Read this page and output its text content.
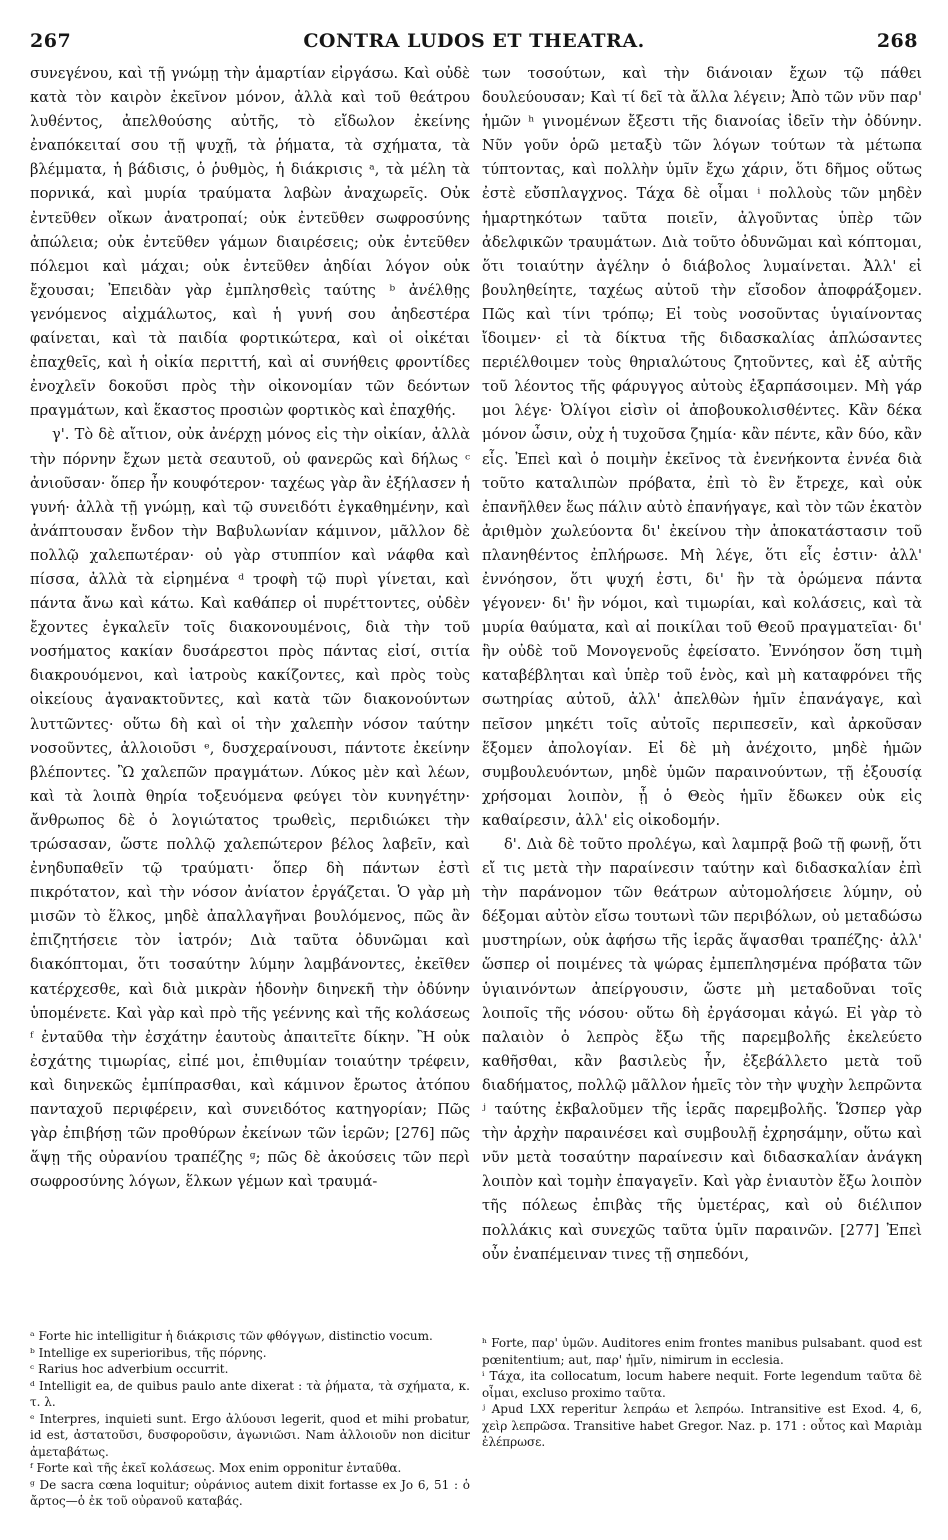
267	CONTRA LUDOS ET THEATRA.	268

συνεγένου, καὶ τῇ γνώμῃ τὴν ἁμαρτίαν εἰργάσω. Καὶ οὐδὲ κατὰ τὸν καιρὸν ἐκεῖνον μόνον, ἀλλὰ καὶ τοῦ θεάτρου λυθέντος, ἀπελθούσης αὐτῆς, τὸ εἴδωλον ἐκείνης ἐναπόκειταί σου τῇ ψυχῇ, τὰ ῥήματα, τὰ σχήματα, τὰ βλέμματα, ἡ βάδισις, ὁ ῥυθμὸς, ἡ διάκρισις ᵃ, τὰ μέλη τὰ πορνικά, καὶ μυρία τραύματα λαβὼν ἀναχωρεῖς. Οὐκ ἐντεῦθεν οἴκων ἀνατροπαί; οὐκ ἐντεῦθεν σωφροσύνης ἀπώλεια; οὐκ ἐντεῦθεν γάμων διαιρέσεις; οὐκ ἐντεῦθεν πόλεμοι καὶ μάχαι; οὐκ ἐντεῦθεν ἀηδίαι λόγον οὐκ ἔχουσαι; Ἐπειδὰν γὰρ ἐμπλησθεὶς ταύτης ᵇ ἀνέλθῃς γενόμενος αἰχμάλωτος, καὶ ἡ γυνή σου ἀηδεστέρα φαίνεται, καὶ τὰ παιδία φορτικώτερα, καὶ οἱ οἰκέται ἐπαχθεῖς, καὶ ἡ οἰκία περιττή, καὶ αἱ συνήθεις φροντίδες ἐνοχλεῖν δοκοῦσι πρὸς τὴν οἰκονομίαν τῶν δεόντων πραγμάτων, καὶ ἕκαστος προσιὼν φορτικὸς καὶ ἐπαχθής.

γ'. Τὸ δὲ αἴτιον, οὐκ ἀνέρχῃ μόνος εἰς τὴν οἰκίαν, ἀλλὰ τὴν πόρνην ἔχων μετὰ σεαυτοῦ, οὐ φανερῶς καὶ δήλως ᶜ ἀνιοῦσαν· ὅπερ ἦν κουφότερον· ταχέως γὰρ ἂν ἐξήλασεν ἡ γυνή· ἀλλὰ τῇ γνώμῃ, καὶ τῷ συνειδότι ἐγκαθημένην, καὶ ἀνάπτουσαν ἔνδον τὴν Βαβυλωνίαν κάμινον, μᾶλλον δὲ πολλῷ χαλεπωτέραν· οὐ γὰρ στυππίον καὶ νάφθα καὶ πίσσα, ἀλλὰ τὰ εἰρημένα ᵈ τροφὴ τῷ πυρὶ γίνεται, καὶ πάντα ἄνω καὶ κάτω. Καὶ καθάπερ οἱ πυρέττοντες, οὐδὲν ἔχοντες ἐγκαλεῖν τοῖς διακονουμένοις, διὰ τὴν τοῦ νοσήματος κακίαν δυσάρεστοι πρὸς πάντας εἰσί, σιτία διακρουόμενοι, καὶ ἰατροὺς κακίζοντες, καὶ πρὸς τοὺς οἰκείους ἀγανακτοῦντες, καὶ κατὰ τῶν διακονούντων λυττῶντες· οὕτω δὴ καὶ οἱ τὴν χαλεπὴν νόσον ταύτην νοσοῦντες, ἀλλοιοῦσι ᵉ, δυσχεραίνουσι, πάντοτε ἐκείνην βλέποντες. Ὢ χαλεπῶν πραγμάτων. Λύκος μὲν καὶ λέων, καὶ τὰ λοιπὰ θηρία τοξευόμενα φεύγει τὸν κυνηγέτην· ἄνθρωπος δὲ ὁ λογιώτατος τρωθεὶς, περιδιώκει τὴν τρώσασαν, ὥστε πολλῷ χαλεπώτερον βέλος λαβεῖν, καὶ ἐνηδυπαθεῖν τῷ τραύματι· ὅπερ δὴ πάντων ἐστὶ πικρότατον, καὶ τὴν νόσον ἀνίατον ἐργάζεται. Ὁ γὰρ μὴ μισῶν τὸ ἕλκος, μηδὲ ἀπαλλαγῆναι βουλόμενος, πῶς ἂν ἐπιζητήσειε τὸν ἰατρόν; Διὰ ταῦτα ὀδυνῶμαι καὶ διακόπτομαι, ὅτι τοσαύτην λύμην λαμβάνοντες, ἐκεῖθεν κατέρχεσθε, καὶ διὰ μικρὰν ἡδονὴν διηνεκῆ τὴν ὀδύνην ὑπομένετε. Καὶ γὰρ καὶ πρὸ τῆς γεέννης καὶ τῆς κολάσεως ᶠ ἐνταῦθα τὴν ἐσχάτην ἑαυτοὺς ἀπαιτεῖτε δίκην. Ἢ οὐκ ἐσχάτης τιμωρίας, εἰπέ μοι, ἐπιθυμίαν τοιαύτην τρέφειν, καὶ διηνεκῶς ἐμπίπρασθαι, καὶ κάμινον ἔρωτος ἀτόπου πανταχοῦ περιφέρειν, καὶ συνειδότος κατηγορίαν; Πῶς γὰρ ἐπιβήσῃ τῶν προθύρων ἐκείνων τῶν ἱερῶν; [276] πῶς ἅψῃ τῆς οὐρανίου τραπέζης ᵍ; πῶς δὲ ἀκούσεις τῶν περὶ σωφροσύνης λόγων, ἕλκων γέμων καὶ τραυμά-

των τοσούτων, καὶ τὴν διάνοιαν ἔχων τῷ πάθει δουλεύουσαν; Καὶ τί δεῖ τὰ ἄλλα λέγειν; Ἀπὸ τῶν νῦν παρ' ἡμῶν ʰ γινομένων ἔξεστι τῆς διανοίας ἰδεῖν τὴν ὀδύνην. Νῦν γοῦν ὁρῶ μεταξὺ τῶν λόγων τούτων τὰ μέτωπα τύπτοντας, καὶ πολλὴν ὑμῖν ἔχω χάριν, ὅτι δῆμος οὕτως ἐστὲ εὔσπλαγχνος. Τάχα δὲ οἶμαι ⁱ πολλοὺς τῶν μηδὲν ἡμαρτηκότων ταῦτα ποιεῖν, ἀλγοῦντας ὑπὲρ τῶν ἀδελφικῶν τραυμάτων. Διὰ τοῦτο ὀδυνῶμαι καὶ κόπτομαι, ὅτι τοιαύτην ἀγέλην ὁ διάβολος λυμαίνεται. Ἀλλ' εἰ βουληθείητε, ταχέως αὐτοῦ τὴν εἴσοδον ἀποφράξομεν. Πῶς καὶ τίνι τρόπῳ; Εἰ τοὺς νοσοῦντας ὑγιαίνοντας ἴδοιμεν· εἰ τὰ δίκτυα τῆς διδασκαλίας ἁπλώσαντες περιέλθοιμεν τοὺς θηριαλώτους ζητοῦντες, καὶ ἐξ αὐτῆς τοῦ λέοντος τῆς φάρυγγος αὐτοὺς ἐξαρπάσοιμεν. Μὴ γάρ μοι λέγε· Ὀλίγοι εἰσὶν οἱ ἀποβουκολισθέντες. Κἂν δέκα μόνον ὦσιν, οὐχ ἡ τυχοῦσα ζημία· κἂν πέντε, κἂν δύο, κἂν εἷς. Ἐπεὶ καὶ ὁ ποιμὴν ἐκεῖνος τὰ ἐνενήκοντα ἐννέα διὰ τοῦτο καταλιπὼν πρόβατα, ἐπὶ τὸ ἓν ἔτρεχε, καὶ οὐκ ἐπανῆλθεν ἕως πάλιν αὐτὸ ἐπανήγαγε, καὶ τὸν τῶν ἑκατὸν ἀριθμὸν χωλεύοντα δι' ἐκείνου τὴν ἀποκατάστασιν τοῦ πλανηθέντος ἐπλήρωσε. Μὴ λέγε, ὅτι εἷς ἐστιν· ἀλλ' ἐννόησον, ὅτι ψυχή ἐστι, δι' ἣν τὰ ὁρώμενα πάντα γέγονεν· δι' ἣν νόμοι, καὶ τιμωρίαι, καὶ κολάσεις, καὶ τὰ μυρία θαύματα, καὶ αἱ ποικίλαι τοῦ Θεοῦ πραγματεῖαι· δι' ἣν οὐδὲ τοῦ Μονογενοῦς ἐφείσατο. Ἐννόησον ὅση τιμὴ καταβέβληται καὶ ὑπὲρ τοῦ ἑνὸς, καὶ μὴ καταφρόνει τῆς σωτηρίας αὐτοῦ, ἀλλ' ἀπελθὼν ἡμῖν ἐπανάγαγε, καὶ πεῖσον μηκέτι τοῖς αὐτοῖς περιπεσεῖν, καὶ ἀρκοῦσαν ἕξομεν ἀπολογίαν. Εἰ δὲ μὴ ἀνέχοιτο, μηδὲ ἡμῶν συμβουλευόντων, μηδὲ ὑμῶν παραινούντων, τῇ ἐξουσίᾳ χρήσομαι λοιπὸν, ᾗ ὁ Θεὸς ἡμῖν ἔδωκεν οὐκ εἰς καθαίρεσιν, ἀλλ' εἰς οἰκοδομήν.

δ'. Διὰ δὲ τοῦτο προλέγω, καὶ λαμπρᾷ βοῶ τῇ φωνῇ, ὅτι εἴ τις μετὰ τὴν παραίνεσιν ταύτην καὶ διδασκαλίαν ἐπὶ τὴν παράνομον τῶν θεάτρων αὐτομολήσειε λύμην, οὐ δέξομαι αὐτὸν εἴσω τουτωνὶ τῶν περιβόλων, οὐ μεταδώσω μυστηρίων, οὐκ ἀφήσω τῆς ἱερᾶς ἅψασθαι τραπέζης· ἀλλ' ὥσπερ οἱ ποιμένες τὰ ψώρας ἐμπεπλησμένα πρόβατα τῶν ὑγιαινόντων ἀπείργουσιν, ὥστε μὴ μεταδοῦναι τοῖς λοιποῖς τῆς νόσου· οὕτω δὴ ἐργάσομαι κἀγώ. Εἰ γὰρ τὸ παλαιὸν ὁ λεπρὸς ἔξω τῆς παρεμβολῆς ἐκελεύετο καθῆσθαι, κἂν βασιλεὺς ἦν, ἐξεβάλλετο μετὰ τοῦ διαδήματος, πολλῷ μᾶλλον ἡμεῖς τὸν τὴν ψυχὴν λεπρῶντα ʲ ταύτης ἐκβαλοῦμεν τῆς ἱερᾶς παρεμβολῆς. Ὥσπερ γὰρ τὴν ἀρχὴν παραινέσει καὶ συμβουλῇ ἐχρησάμην, οὕτω καὶ νῦν μετὰ τοσαύτην παραίνεσιν καὶ διδασκαλίαν ἀνάγκη λοιπὸν καὶ τομὴν ἐπαγαγεῖν. Καὶ γὰρ ἐνιαυτὸν ἔξω λοιπὸν τῆς πόλεως ἐπιβὰς τῆς ὑμετέρας, καὶ οὐ διέλιπον πολλάκις καὶ συνεχῶς ταῦτα ὑμῖν παραινῶν. [277] Ἐπεὶ οὖν ἐναπέμειναν τινες τῇ σηπεδόνι,

ᵃ Forte hic intelligitur ἡ διάκρισις τῶν φθόγγων, distinctio vocum.

ᵇ Intellige ex superioribus, τῆς πόρνης.

ᶜ Rarius hoc adverbium occurrit.

ᵈ Intelligit ea, de quibus paulo ante dixerat : τὰ ῥήματα, τὰ σχήματα, κ. τ. λ.

ᵉ Interpres, inquieti sunt. Ergo ἀλύουσι legerit, quod et mihi probatur, id est, ἀστατοῦσι, δυσφοροῦσιν, ἀγωνιῶσι. Nam ἀλλοιοῦν non dicitur ἀμεταβάτως.

ᶠ Forte καὶ τῆς ἐκεῖ κολάσεως. Mox enim opponitur ἐνταῦθα.

ᵍ De sacra cœna loquitur; οὐράνιος autem dixit fortasse ex Jo 6, 51 : ὁ ἄρτος—ὁ ἐκ τοῦ οὐρανοῦ καταβάς.

ʰ Forte, παρ' ὑμῶν. Auditores enim frontes manibus pulsabant. quod est pœnitentium; aut, παρ' ἡμῖν, nimirum in ecclesia.

ⁱ Τάχα, ita collocatum, locum habere nequit. Forte legendum ταῦτα δὲ οἶμαι, excluso proximo ταῦτα.

ʲ Apud LXX reperitur λεπράω et λεπρόω. Intransitive est Exod. 4, 6, χεὶρ λεπρῶσα. Transitive habet Gregor. Naz. p. 171 : οὗτος καὶ Μαριὰμ ἐλέπρωσε.
